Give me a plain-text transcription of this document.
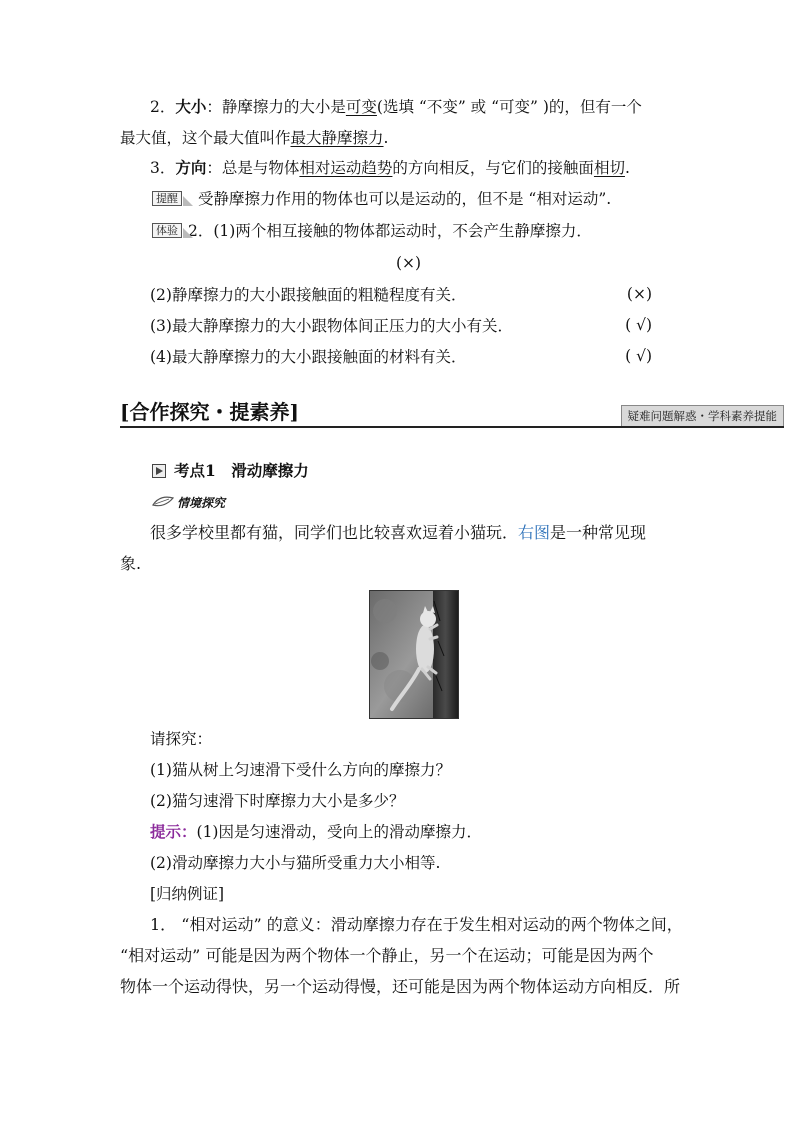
2．大小：静摩擦力的大小是可变(选填 “不变” 或 “可变” )的，但有一个
最大值，这个最大值叫作最大静摩擦力.
3．方向：总是与物体相对运动趋势的方向相反，与它们的接触面相切.
提醒 受静摩擦力作用的物体也可以是运动的，但不是 “相对运动”.
体验 2．(1)两个相互接触的物体都运动时，不会产生静摩擦力．
(×)
(2)静摩擦力的大小跟接触面的粗糙程度有关．	(×)
(3)最大静摩擦力的大小跟物体间正压力的大小有关．	( √)
(4)最大静摩擦力的大小跟接触面的材料有关．	( √)
[合作探究・提素养]	疑难问题解惑・学科素养提能
考点1　滑动摩擦力
情境探究
很多学校里都有猫，同学们也比较喜欢逗着小猫玩．右图是一种常见现
象.
请探究：
(1)猫从树上匀速滑下受什么方向的摩擦力？
(2)猫匀速滑下时摩擦力大小是多少？
提示：(1)因是匀速滑动，受向上的滑动摩擦力．
(2)滑动摩擦力大小与猫所受重力大小相等.
[归纳例证]
1． “相对运动” 的意义：滑动摩擦力存在于发生相对运动的两个物体之间，
“相对运动” 可能是因为两个物体一个静止，另一个在运动；可能是因为两个
物体一个运动得快，另一个运动得慢，还可能是因为两个物体运动方向相反．所
